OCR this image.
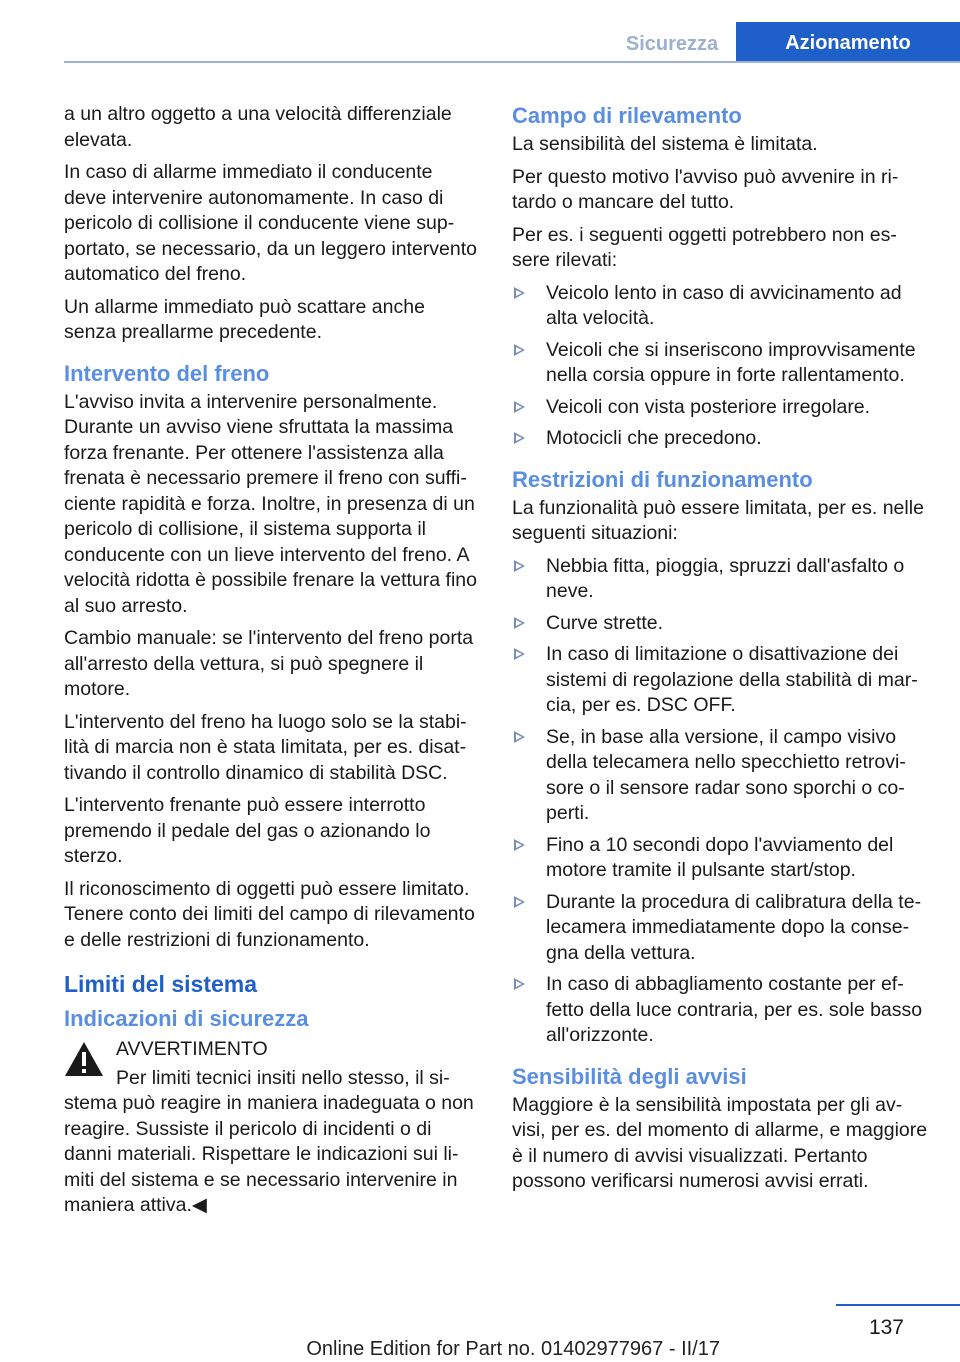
Sicurezza	Azionamento

a un altro oggetto a una velocità differenziale elevata.

In caso di allarme immediato il conducente deve intervenire autonomamente. In caso di pericolo di collisione il conducente viene supportato, se necessario, da un leggero intervento automatico del freno.

Un allarme immediato può scattare anche senza preallarme precedente.

Intervento del freno

L'avviso invita a intervenire personalmente. Durante un avviso viene sfruttata la massima forza frenante. Per ottenere l'assistenza alla frenata è necessario premere il freno con sufficiente rapidità e forza. Inoltre, in presenza di un pericolo di collisione, il sistema supporta il conducente con un lieve intervento del freno. A velocità ridotta è possibile frenare la vettura fino al suo arresto.

Cambio manuale: se l'intervento del freno porta all'arresto della vettura, si può spegnere il motore.

L'intervento del freno ha luogo solo se la stabilità di marcia non è stata limitata, per es. disattivando il controllo dinamico di stabilità DSC.

L'intervento frenante può essere interrotto premendo il pedale del gas o azionando lo sterzo.

Il riconoscimento di oggetti può essere limitato. Tenere conto dei limiti del campo di rilevamento e delle restrizioni di funzionamento.

Limiti del sistema
Indicazioni di sicurezza
AVVERTIMENTO

Per limiti tecnici insiti nello stesso, il sistema può reagire in maniera inadeguata o non reagire. Sussiste il pericolo di incidenti o di danni materiali. Rispettare le indicazioni sui limiti del sistema e se necessario intervenire in maniera attiva.◀

Campo di rilevamento

La sensibilità del sistema è limitata.

Per questo motivo l'avviso può avvenire in ritardo o mancare del tutto.

Per es. i seguenti oggetti potrebbero non essere rilevati:

Veicolo lento in caso di avvicinamento ad alta velocità.
Veicoli che si inseriscono improvvisamente nella corsia oppure in forte rallentamento.
Veicoli con vista posteriore irregolare.
Motocicli che precedono.
Restrizioni di funzionamento

La funzionalità può essere limitata, per es. nelle seguenti situazioni:

Nebbia fitta, pioggia, spruzzi dall'asfalto o neve.
Curve strette.
In caso di limitazione o disattivazione dei sistemi di regolazione della stabilità di marcia, per es. DSC OFF.
Se, in base alla versione, il campo visivo della telecamera nello specchietto retrovisore o il sensore radar sono sporchi o coperti.
Fino a 10 secondi dopo l'avviamento del motore tramite il pulsante start/stop.
Durante la procedura di calibratura della telecamera immediatamente dopo la consegna della vettura.
In caso di abbagliamento costante per effetto della luce contraria, per es. sole basso all'orizzonte.
Sensibilità degli avvisi

Maggiore è la sensibilità impostata per gli avvisi, per es. del momento di allarme, e maggiore è il numero di avvisi visualizzati. Pertanto possono verificarsi numerosi avvisi errati.

137
Online Edition for Part no. 01402977967 - II/17
